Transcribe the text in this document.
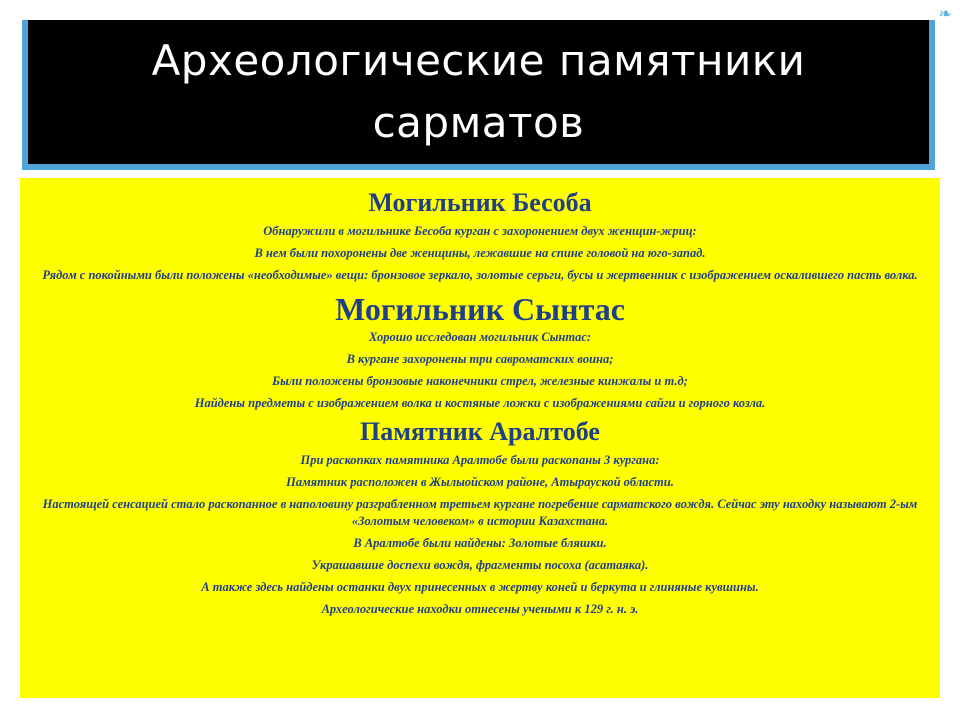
❧
Археологические памятники сарматов
Могильник Бесоба

Обнаружили в могильнике Бесоба курган с захоронением двух женщин-жриц:

В нем были похоронены две женщины, лежавшие на спине головой на юго-запад.

Рядом с покойными были положены «необходимые» вещи: бронзовое зеркало, золотые серьги, бусы и жертвенник с изображением оскалившего пасть волка.

Могильник Сынтас

Хорошо исследован могильник Сынтас:

В кургане захоронены три савроматских воина;

Были положены бронзовые наконечники стрел, железные кинжалы и т.д;

Найдены предметы с изображением волка и костяные ложки с изображениями сайги и горного козла.

Памятник Аралтобе

При раскопках памятника Аралтобе были раскопаны 3 кургана:

Памятник расположен в Жылыойском районе, Атырауской области.

Настоящей сенсацией стало раскопанное в наполовину разграбленном третьем кургане погребение сарматского вождя. Сейчас эту находку называют 2-ым «Золотым человеком» в истории Казахстана.

В Аралтобе были найдены: Золотые бляшки.

Украшавшие доспехи вождя, фрагменты посоха (асатаяка).

А также здесь найдены останки двух принесенных в жертву коней и беркута и глиняные кувшины.

Археологические находки отнесены учеными к 129 г. н. э.
